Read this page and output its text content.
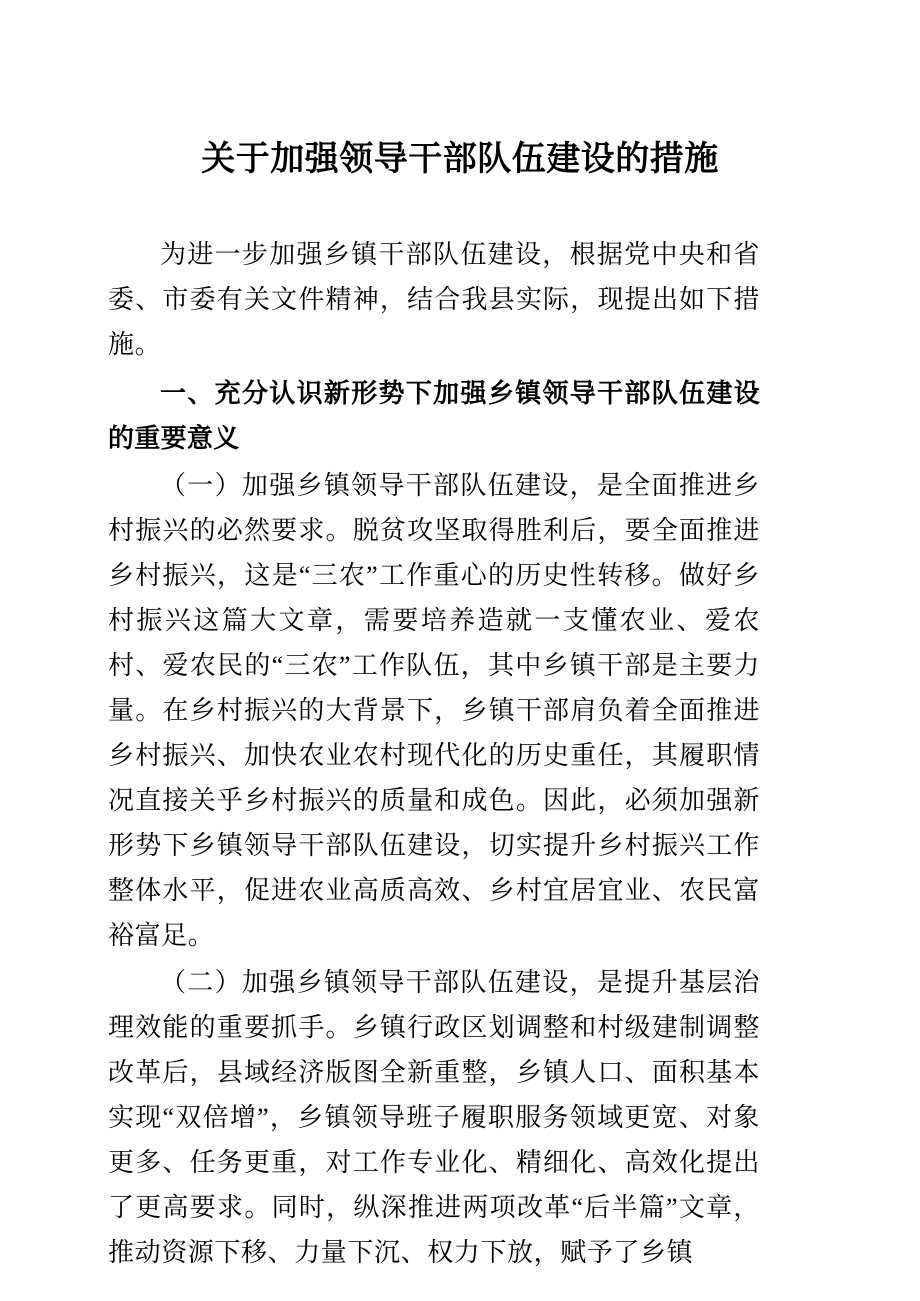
关于加强领导干部队伍建设的措施

为进一步加强乡镇干部队伍建设，根据党中央和省委、市委有关文件精神，结合我县实际，现提出如下措施。

一、充分认识新形势下加强乡镇领导干部队伍建设的重要意义

（一）加强乡镇领导干部队伍建设，是全面推进乡村振兴的必然要求。脱贫攻坚取得胜利后，要全面推进乡村振兴，这是“三农”工作重心的历史性转移。做好乡村振兴这篇大文章，需要培养造就一支懂农业、爱农村、爱农民的“三农”工作队伍，其中乡镇干部是主要力量。在乡村振兴的大背景下，乡镇干部肩负着全面推进乡村振兴、加快农业农村现代化的历史重任，其履职情况直接关乎乡村振兴的质量和成色。因此，必须加强新形势下乡镇领导干部队伍建设，切实提升乡村振兴工作整体水平，促进农业高质高效、乡村宜居宜业、农民富裕富足。

（二）加强乡镇领导干部队伍建设，是提升基层治理效能的重要抓手。乡镇行政区划调整和村级建制调整改革后，县域经济版图全新重整，乡镇人口、面积基本实现“双倍增”，乡镇领导班子履职服务领域更宽、对象更多、任务更重，对工作专业化、精细化、高效化提出了更高要求。同时，纵深推进两项改革“后半篇”文章，推动资源下移、力量下沉、权力下放，赋予了乡镇
